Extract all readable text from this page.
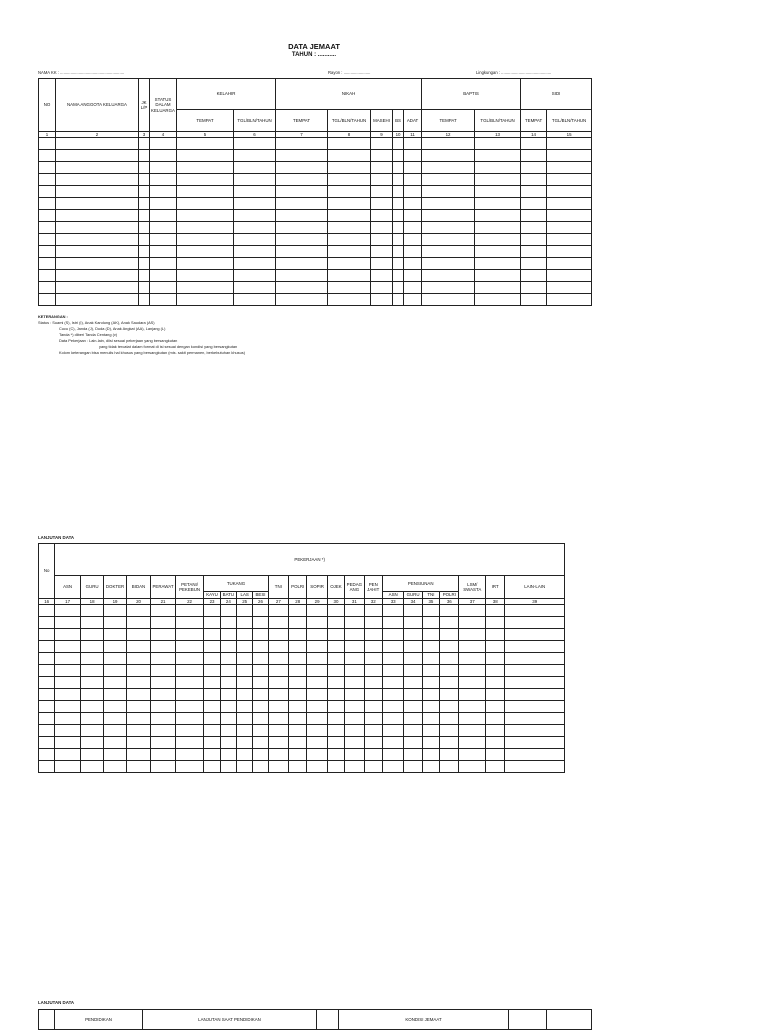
DATA JEMAAT
TAHUN : ...........
NAMA KK : .......................................................	Rayon : .......................	Lingkungan : ...........................................
NO	NAMA ANGGOTA KELUARGA	JK L/P	STATUS DALAM KELUARGA	KELAHIR		NIKAH					BAPTIS		SIDI	
				TEMPAT	TGL/BLN/TAHUN	TEMPAT	TGL/BLN/TAHUN	MASEHI	BS	ADAT	TEMPAT	TGL/BLN/TAHUN	TEMPAT	TGL/BLN/TAHUN
1	2	3	4	5	6	7	8	9	10	11	12	13	14	15

KETERANGAN :
Status : Suami (S), Istri (I), Anak Kandung (AK), Anak Saudara (AS)
Cucu (C), Janda (J), Duda (D), Anak Angkat (AA), Lanjang (L)
Tanda *) diberi Tanda Centang (v)
Data Pekerjaan : Lain-lain, diisi sesuai pekerjaan yang bersangkutan
yang tidak tercatat dalam format di isi sesuai dengan kondisi yang bersangkutan
Kolom keterangan bisa menulis hal khusus yang bersangkutan (mis. sakit permanen, berkebutuhan khusus)
LANJUTAN DATA
No	PEKERJAAN *)																						
	ASN	GURU	DOKTER	BIDAN	PERAWAT	PETANI/ PEKEBUN	TUKANG				TNI	POLRI	SOPIR	OJEK	PEDAG ANG	PEN JAHIT	PENSIUNAN				LSM/ SWASTA	IRT	LAIN-LAIN
							KAYU	BATU	LAS	BESI							ASN	GURU	TNI	POLRI			
16	17	18	19	20	21	22	23	24	25	26	27	28	29	30	31	32	33	34	35	36	37	38	39

LANJUTAN DATA
	PENDIDIKAN	LANJUTAN SAAT PENDIDIKAN		KONDISI JEMAAT		
